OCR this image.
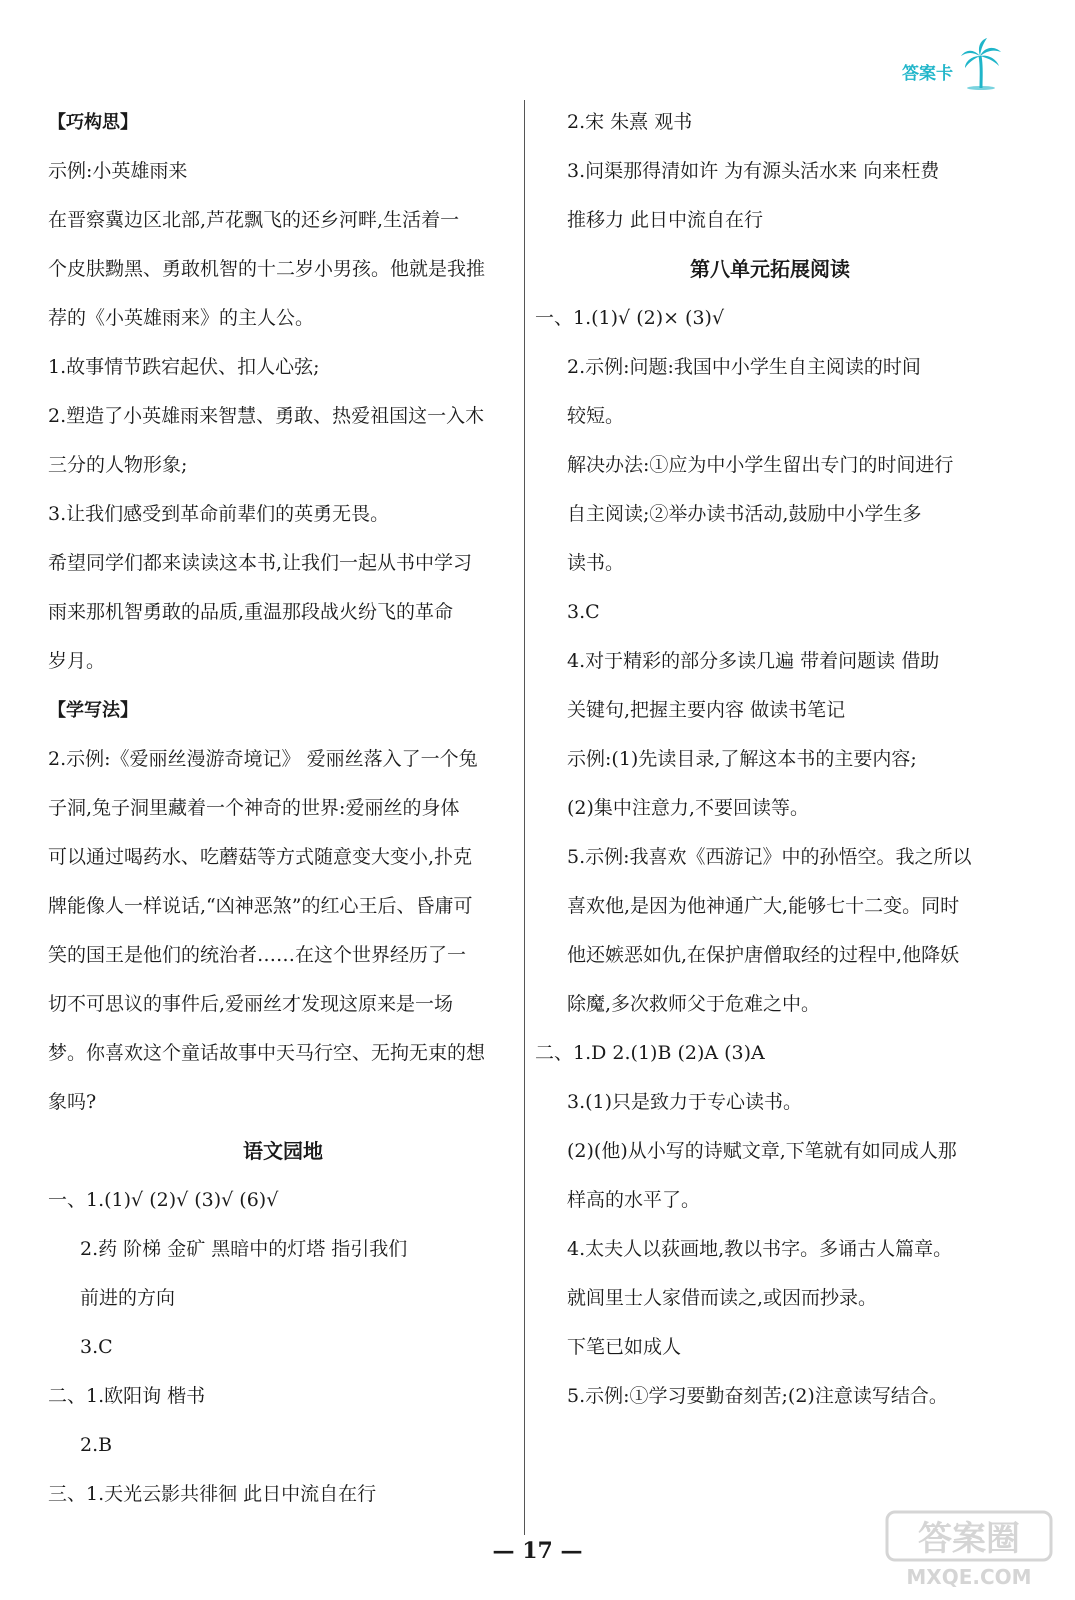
答案卡
【巧构思】
示例:小英雄雨来
在晋察冀边区北部,芦花飘飞的还乡河畔,生活着一
个皮肤黝黑、勇敢机智的十二岁小男孩。他就是我推
荐的《小英雄雨来》的主人公。
1.故事情节跌宕起伏、扣人心弦;
2.塑造了小英雄雨来智慧、勇敢、热爱祖国这一入木
三分的人物形象;
3.让我们感受到革命前辈们的英勇无畏。
希望同学们都来读读这本书,让我们一起从书中学习
雨来那机智勇敢的品质,重温那段战火纷飞的革命
岁月。
【学写法】
2.示例:《爱丽丝漫游奇境记》 爱丽丝落入了一个兔
子洞,兔子洞里藏着一个神奇的世界:爱丽丝的身体
可以通过喝药水、吃蘑菇等方式随意变大变小,扑克
牌能像人一样说话,“凶神恶煞”的红心王后、昏庸可
笑的国王是他们的统治者……在这个世界经历了一
切不可思议的事件后,爱丽丝才发现这原来是一场
梦。你喜欢这个童话故事中天马行空、无拘无束的想
象吗?
语文园地
一、1.(1)√ (2)√ (3)√ (6)√
2.药 阶梯 金矿 黑暗中的灯塔 指引我们
前进的方向
3.C
二、1.欧阳询 楷书
2.B
三、1.天光云影共徘徊 此日中流自在行
2.宋 朱熹 观书
3.问渠那得清如许 为有源头活水来 向来枉费
推移力 此日中流自在行
第八单元拓展阅读
一、1.(1)√ (2)× (3)√
2.示例:问题:我国中小学生自主阅读的时间
较短。
解决办法:①应为中小学生留出专门的时间进行
自主阅读;②举办读书活动,鼓励中小学生多
读书。
3.C
4.对于精彩的部分多读几遍 带着问题读 借助
关键句,把握主要内容 做读书笔记
示例:(1)先读目录,了解这本书的主要内容;
(2)集中注意力,不要回读等。
5.示例:我喜欢《西游记》中的孙悟空。我之所以
喜欢他,是因为他神通广大,能够七十二变。同时
他还嫉恶如仇,在保护唐僧取经的过程中,他降妖
除魔,多次救师父于危难之中。
二、1.D 2.(1)B (2)A (3)A
3.(1)只是致力于专心读书。
(2)(他)从小写的诗赋文章,下笔就有如同成人那
样高的水平了。
4.太夫人以荻画地,教以书字。多诵古人篇章。
就闾里士人家借而读之,或因而抄录。
下笔已如成人
5.示例:①学习要勤奋刻苦;(2)注意读写结合。
— 17 —	答案圈
MXQE.COM
